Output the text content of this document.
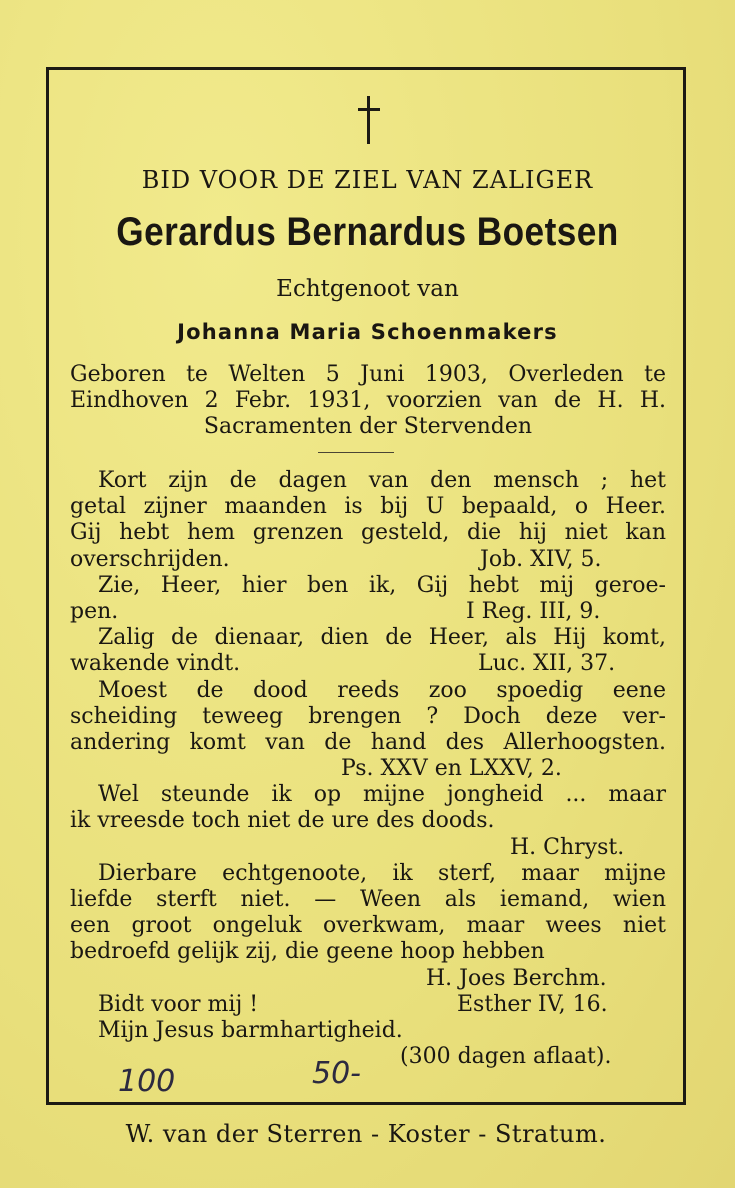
BID VOOR DE ZIEL VAN ZALIGER
Gerardus Bernardus Boetsen
Echtgenoot van
Johanna Maria Schoenmakers
Geboren te Welten 5 Juni 1903, Overleden te
Eindhoven 2 Febr. 1931, voorzien van de H. H.
Sacramenten der Stervenden
Kort zijn de dagen van den mensch ; het
getal zijner maanden is bij U bepaald, o Heer.
Gij hebt hem grenzen gesteld, die hij niet kan
overschrijden.	Job. XIV, 5.
Zie, Heer, hier ben ik, Gij hebt mij geroe-
pen.	I Reg. III, 9.
Zalig de dienaar, dien de Heer, als Hij komt,
wakende vindt.	Luc. XII, 37.
Moest de dood reeds zoo spoedig eene
scheiding teweeg brengen ? Doch deze ver-
andering komt van de hand des Allerhoogsten.
Ps. XXV en LXXV, 2.
Wel steunde ik op mijne jongheid ... maar
ik vreesde toch niet de ure des doods.
H. Chryst.
Dierbare echtgenoote, ik sterf, maar mijne
liefde sterft niet. — Ween als iemand, wien
een groot ongeluk overkwam, maar wees niet
bedroefd gelijk zij, die geene hoop hebben
H. Joes Berchm.
Bidt voor mij !	Esther IV, 16.
Mijn Jesus barmhartigheid.
(300 dagen aflaat).
100	50-
W. van der Sterren - Koster - Stratum.
